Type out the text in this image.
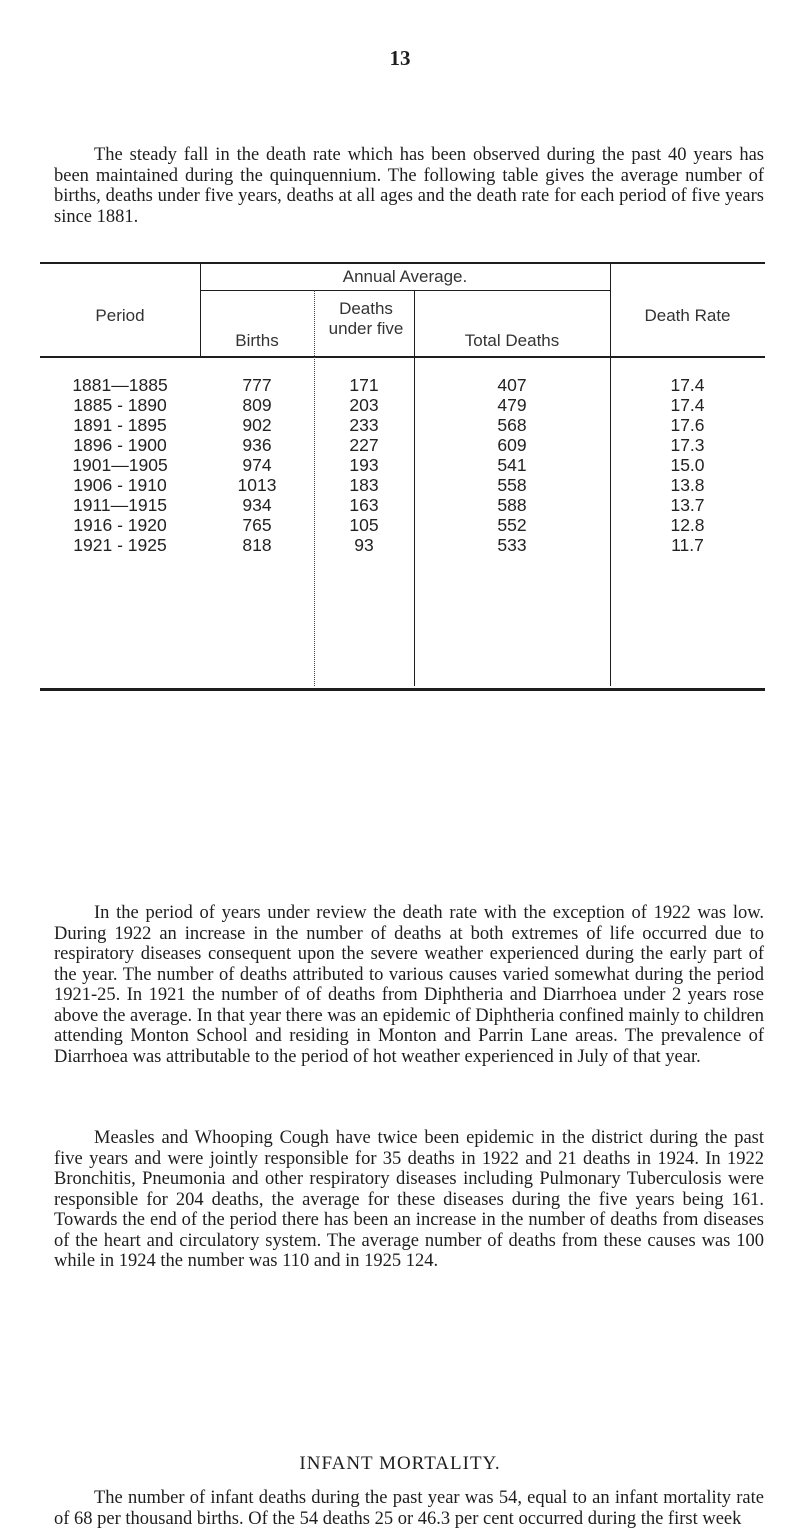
13

The steady fall in the death rate which has been observed during the past 40 years has been maintained during the quinquennium. The following table gives the average number of births, deaths under five years, deaths at all ages and the death rate for each period of five years since 1881.

Annual Average.
Period
Births
Deaths under five
Total Deaths
Death Rate
1881—1885	777	171	407	17.4
1885 - 1890	809	203	479	17.4
1891 - 1895	902	233	568	17.6
1896 - 1900	936	227	609	17.3
1901—1905	974	193	541	15.0
1906 - 1910	1013	183	558	13.8
1911—1915	934	163	588	13.7
1916 - 1920	765	105	552	12.8
1921 - 1925	818	93	533	11.7

In the period of years under review the death rate with the exception of 1922 was low. During 1922 an increase in the number of deaths at both extremes of life occurred due to respiratory diseases consequent upon the severe weather experienced during the early part of the year. The number of deaths attributed to various causes varied somewhat during the period 1921-25. In 1921 the number of of deaths from Diphtheria and Diarrhoea under 2 years rose above the average. In that year there was an epidemic of Diphtheria confined mainly to children attending Monton School and residing in Monton and Parrin Lane areas. The prevalence of Diarrhoea was attributable to the period of hot weather experienced in July of that year.

Measles and Whooping Cough have twice been epidemic in the district during the past five years and were jointly responsible for 35 deaths in 1922 and 21 deaths in 1924. In 1922 Bronchitis, Pneumonia and other respiratory diseases including Pulmonary Tuberculosis were responsible for 204 deaths, the average for these diseases during the five years being 161. Towards the end of the period there has been an increase in the number of deaths from diseases of the heart and circulatory system. The average number of deaths from these causes was 100 while in 1924 the number was 110 and in 1925 124.

INFANT MORTALITY.

The number of infant deaths during the past year was 54, equal to an infant mortality rate of 68 per thousand births. Of the 54 deaths 25 or 46.3 per cent occurred during the first week
